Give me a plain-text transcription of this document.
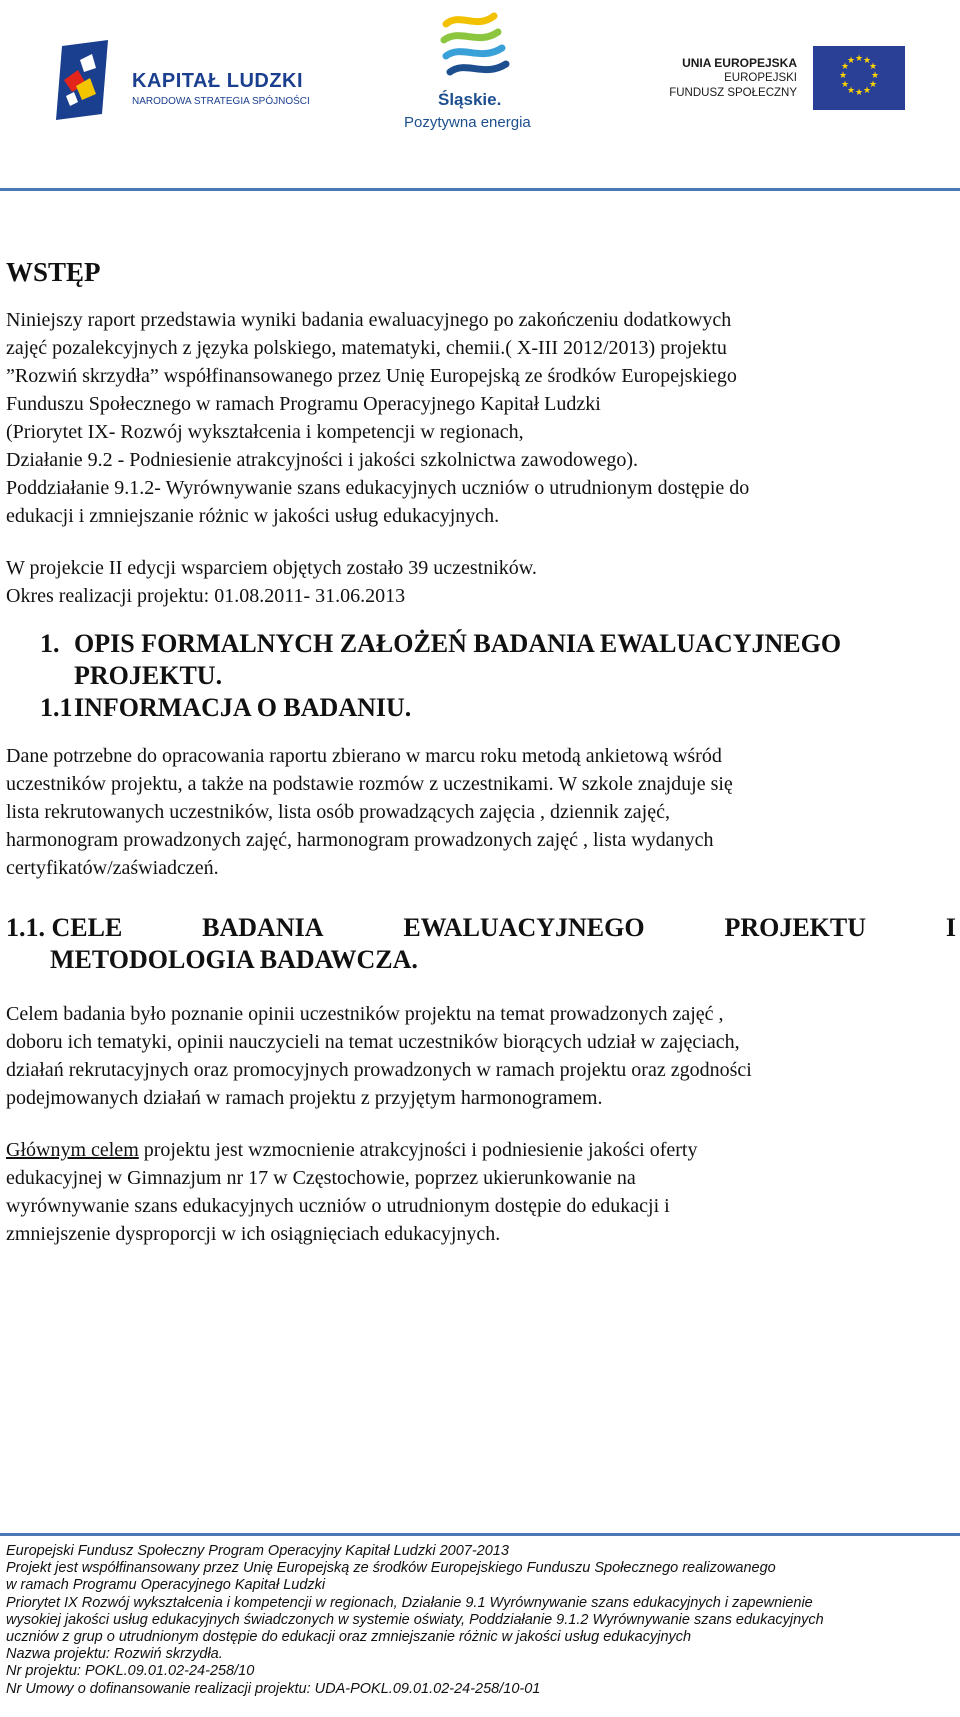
KAPITAŁ LUDZKI
NARODOWA STRATEGIA SPÓJNOŚCI	Śląskie.
Pozytywna energia
UNIA EUROPEJSKA
EUROPEJSKI
FUNDUSZ SPOŁECZNY
★ ★
★
★
★
★
★
★
★
★
★
★
WSTĘP
Niniejszy raport przedstawia wyniki badania ewaluacyjnego po zakończeniu dodatkowych
zajęć pozalekcyjnych z języka polskiego, matematyki, chemii.( X-III 2012/2013) projektu
”Rozwiń skrzydła” współfinansowanego przez Unię Europejską ze środków Europejskiego
Funduszu Społecznego w ramach Programu Operacyjnego Kapitał Ludzki
(Priorytet IX- Rozwój wykształcenia i kompetencji w regionach,
Działanie 9.2 - Podniesienie atrakcyjności i jakości szkolnictwa zawodowego).
Poddziałanie 9.1.2- Wyrównywanie szans edukacyjnych uczniów o utrudnionym dostępie do
edukacji i zmniejszanie różnic w jakości usług edukacyjnych.
W projekcie II edycji wsparciem objętych zostało 39 uczestników.
Okres realizacji projektu: 01.08.2011- 31.06.2013
1. OPIS FORMALNYCH ZAŁOŻEŃ BADANIA EWALUACYJNEGO
PROJEKTU.
1.1 INFORMACJA O BADANIU.
Dane potrzebne do opracowania raportu zbierano w marcu roku metodą ankietową wśród
uczestników projektu, a także na podstawie rozmów z uczestnikami. W szkole znajduje się
lista rekrutowanych uczestników, lista osób prowadzących zajęcia , dziennik zajęć,
harmonogram prowadzonych zajęć, harmonogram prowadzonych zajęć , lista wydanych
certyfikatów/zaświadczeń.
1.1. CELE	BADANIA	EWALUACYJNEGO	PROJEKTU	I
METODOLOGIA BADAWCZA.
Celem badania było poznanie opinii uczestników projektu na temat prowadzonych zajęć ,
doboru ich tematyki, opinii nauczycieli na temat uczestników biorących udział w zajęciach,
działań rekrutacyjnych oraz promocyjnych prowadzonych w ramach projektu oraz zgodności
podejmowanych działań w ramach projektu z przyjętym harmonogramem.
Głównym celem projektu jest wzmocnienie atrakcyjności i podniesienie jakości oferty
edukacyjnej w Gimnazjum nr 17 w Częstochowie, poprzez ukierunkowanie na
wyrównywanie szans edukacyjnych uczniów o utrudnionym dostępie do edukacji i
zmniejszenie dysproporcji w ich osiągnięciach edukacyjnych.
Europejski Fundusz Społeczny Program Operacyjny Kapitał Ludzki 2007-2013
Projekt jest współfinansowany przez Unię Europejską ze środków Europejskiego Funduszu Społecznego realizowanego
w ramach Programu Operacyjnego Kapitał Ludzki
Priorytet IX Rozwój wykształcenia i kompetencji w regionach, Działanie 9.1 Wyrównywanie szans edukacyjnych i zapewnienie
wysokiej jakości usług edukacyjnych świadczonych w systemie oświaty, Poddziałanie 9.1.2 Wyrównywanie szans edukacyjnych
uczniów z grup o utrudnionym dostępie do edukacji oraz zmniejszanie różnic w jakości usług edukacyjnych
Nazwa projektu: Rozwiń skrzydła.
Nr projektu: POKL.09.01.02-24-258/10
Nr Umowy o dofinansowanie realizacji projektu: UDA-POKL.09.01.02-24-258/10-01
